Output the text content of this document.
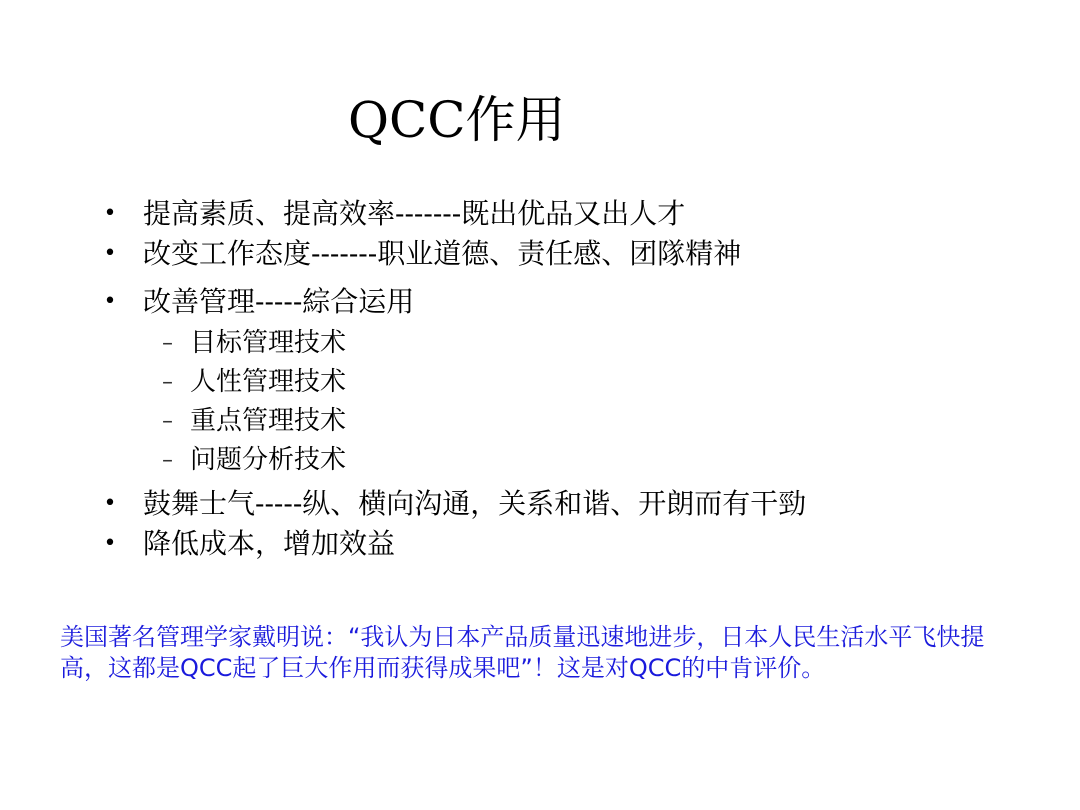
QCC作用
• 提高素质、提高效率-------既出优品又出人才
• 改变工作态度-------职业道德、责任感、团隊精神
• 改善管理-----綜合运用
– 目标管理技术
– 人性管理技术
– 重点管理技术
– 问题分析技术
• 鼓舞士气-----纵、横向沟通，关系和谐、开朗而有干勁
• 降低成本，增加效益

美国著名管理学家戴明说：“我认为日本产品质量迅速地进步，日本人民生活水平飞快提高，这都是QCC起了巨大作用而获得成果吧”！这是对QCC的中肯评价。
